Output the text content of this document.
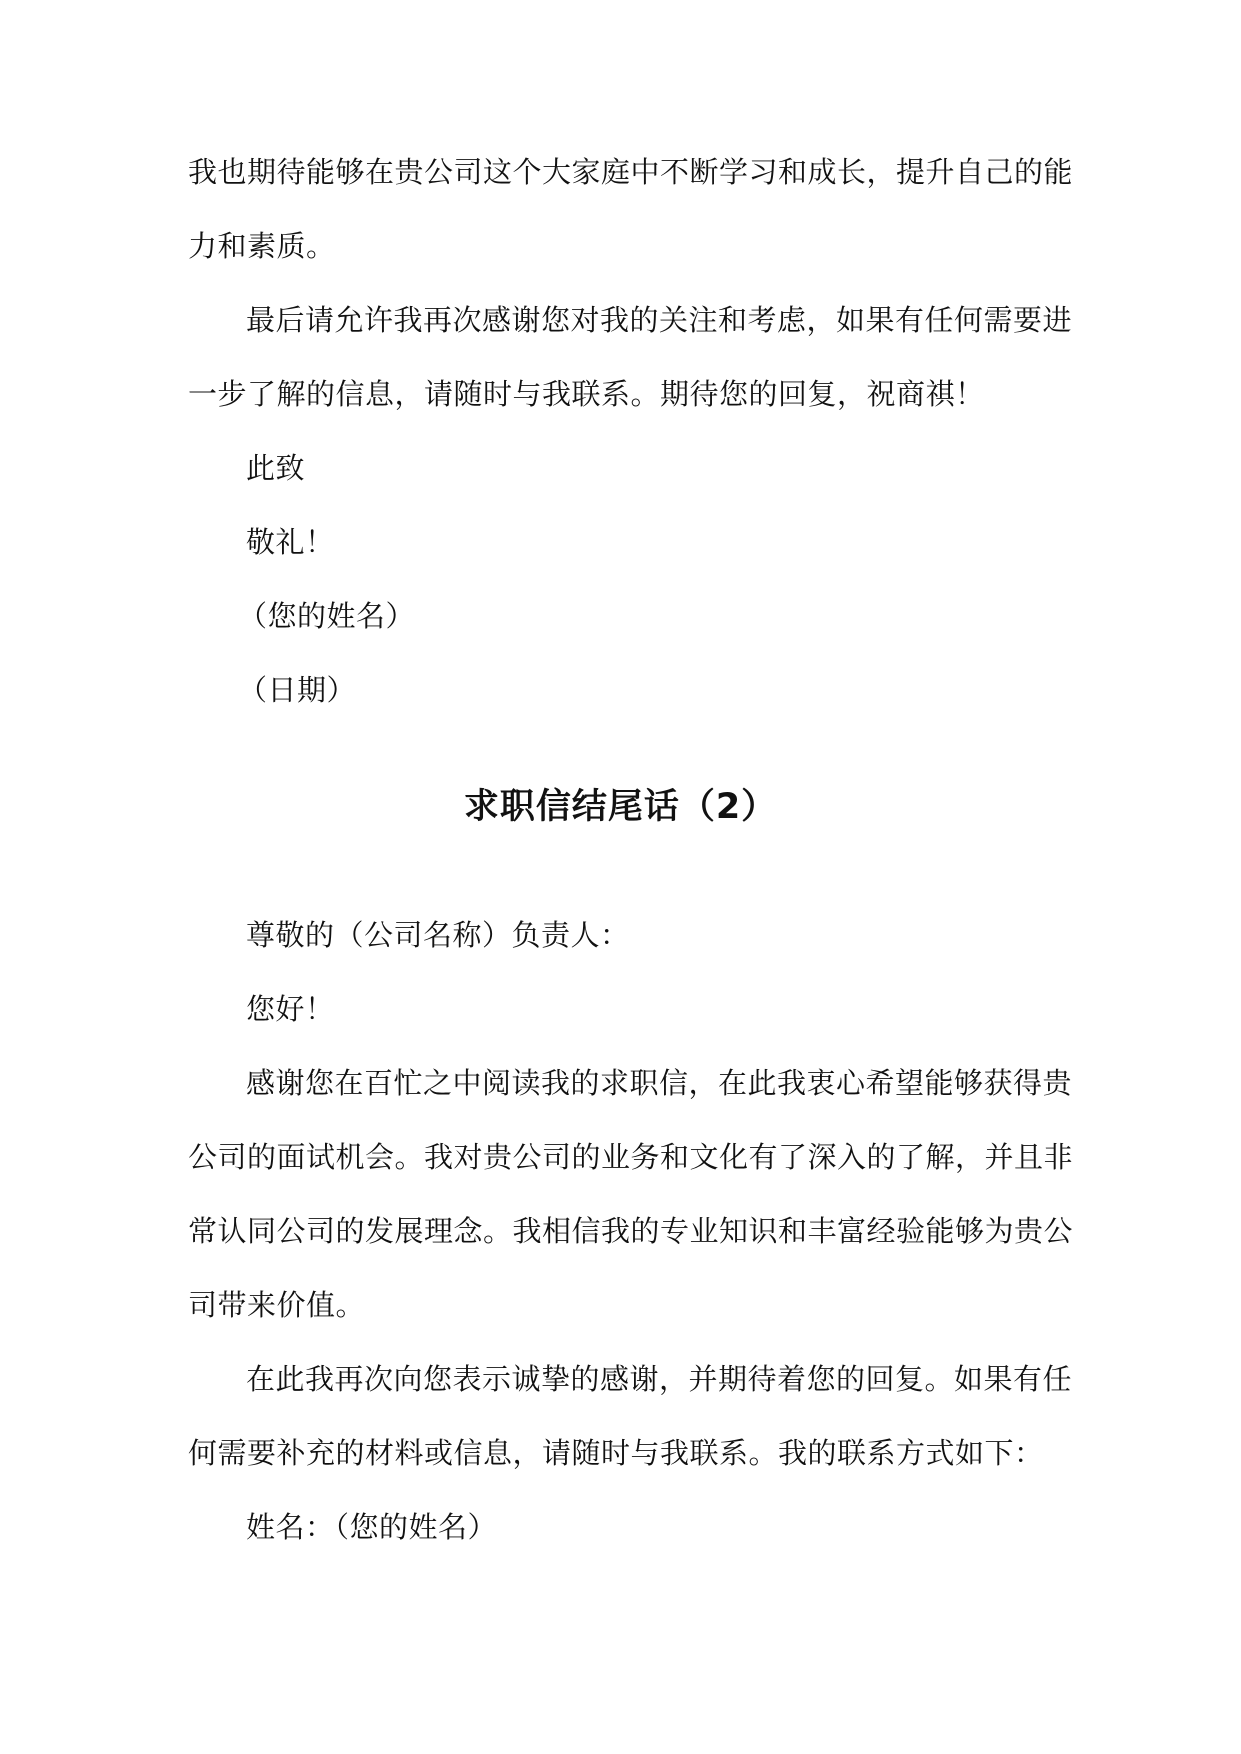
我也期待能够在贵公司这个大家庭中不断学习和成长，提升自己的能
力和素质。
最后请允许我再次感谢您对我的关注和考虑，如果有任何需要进
一步了解的信息，请随时与我联系。期待您的回复，祝商祺！
此致
敬礼！
（您的姓名）
（日期）
求职信结尾话（2）
尊敬的（公司名称）负责人：
您好！
感谢您在百忙之中阅读我的求职信，在此我衷心希望能够获得贵
公司的面试机会。我对贵公司的业务和文化有了深入的了解，并且非
常认同公司的发展理念。我相信我的专业知识和丰富经验能够为贵公
司带来价值。
在此我再次向您表示诚挚的感谢，并期待着您的回复。如果有任
何需要补充的材料或信息，请随时与我联系。我的联系方式如下：
姓名：（您的姓名）
